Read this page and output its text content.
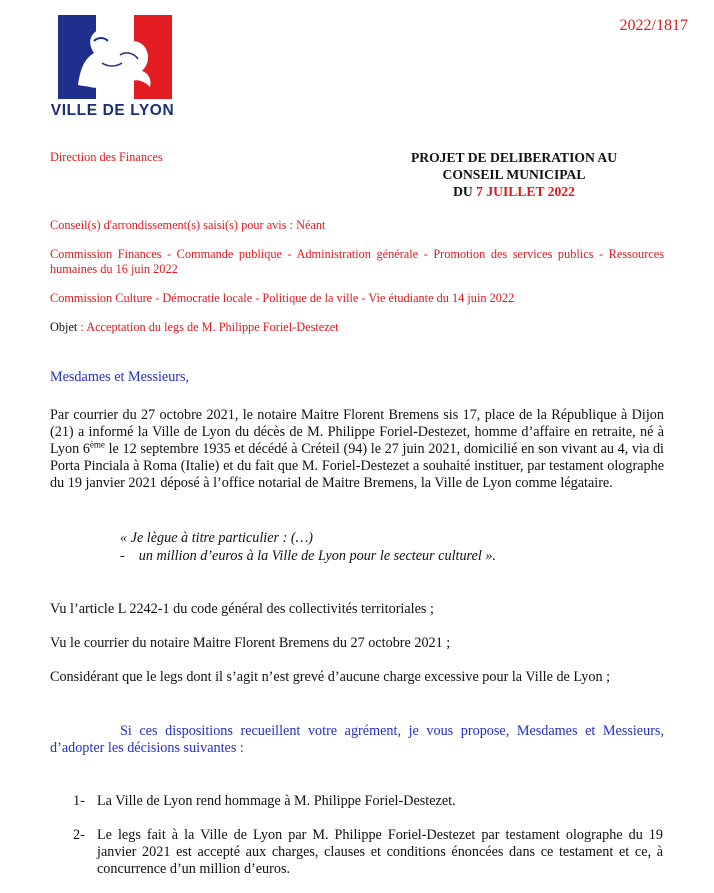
VILLE DE LYON
2022/1817
Direction des Finances	PROJET DE DELIBERATION AU
CONSEIL MUNICIPAL
DU 7 JUILLET 2022
Conseil(s) d'arrondissement(s) saisi(s) pour avis : Néant
Commission Finances - Commande publique - Administration générale - Promotion des services publics - Ressources humaines du 16 juin 2022
Commission Culture - Démocratie locale - Politique de la ville - Vie étudiante du 14 juin 2022
Objet : Acceptation du legs de M. Philippe Foriel-Destezet
Mesdames et Messieurs,
Par courrier du 27 octobre 2021, le notaire Maitre Florent Bremens sis 17, place de la République à Dijon (21) a informé la Ville de Lyon du décès de M. Philippe Foriel-Destezet, homme d’affaire en retraite, né à Lyon 6ème le 12 septembre 1935 et décédé à Créteil (94) le 27 juin 2021, domicilié en son vivant au 4, via di Porta Pinciala à Roma (Italie) et du fait que M. Foriel-Destezet a souhaité instituer, par testament olographe du 19 janvier 2021 déposé à l’office notarial de Maitre Bremens, la Ville de Lyon comme légataire.
« Je lègue à titre particulier : (…)
- un million d’euros à la Ville de Lyon pour le secteur culturel ».
Vu l’article L 2242-1 du code général des collectivités territoriales ;
Vu le courrier du notaire Maitre Florent Bremens du 27 octobre 2021 ;
Considérant que le legs dont il s’agit n’est grevé d’aucune charge excessive pour la Ville de Lyon ;
Si ces dispositions recueillent votre agrément, je vous propose, Mesdames et Messieurs, d’adopter les décisions suivantes :
1- La Ville de Lyon rend hommage à M. Philippe Foriel-Destezet.
2- Le legs fait à la Ville de Lyon par M. Philippe Foriel-Destezet par testament olographe du 19 janvier 2021 est accepté aux charges, clauses et conditions énoncées dans ce testament et ce, à concurrence d’un million d’euros.
